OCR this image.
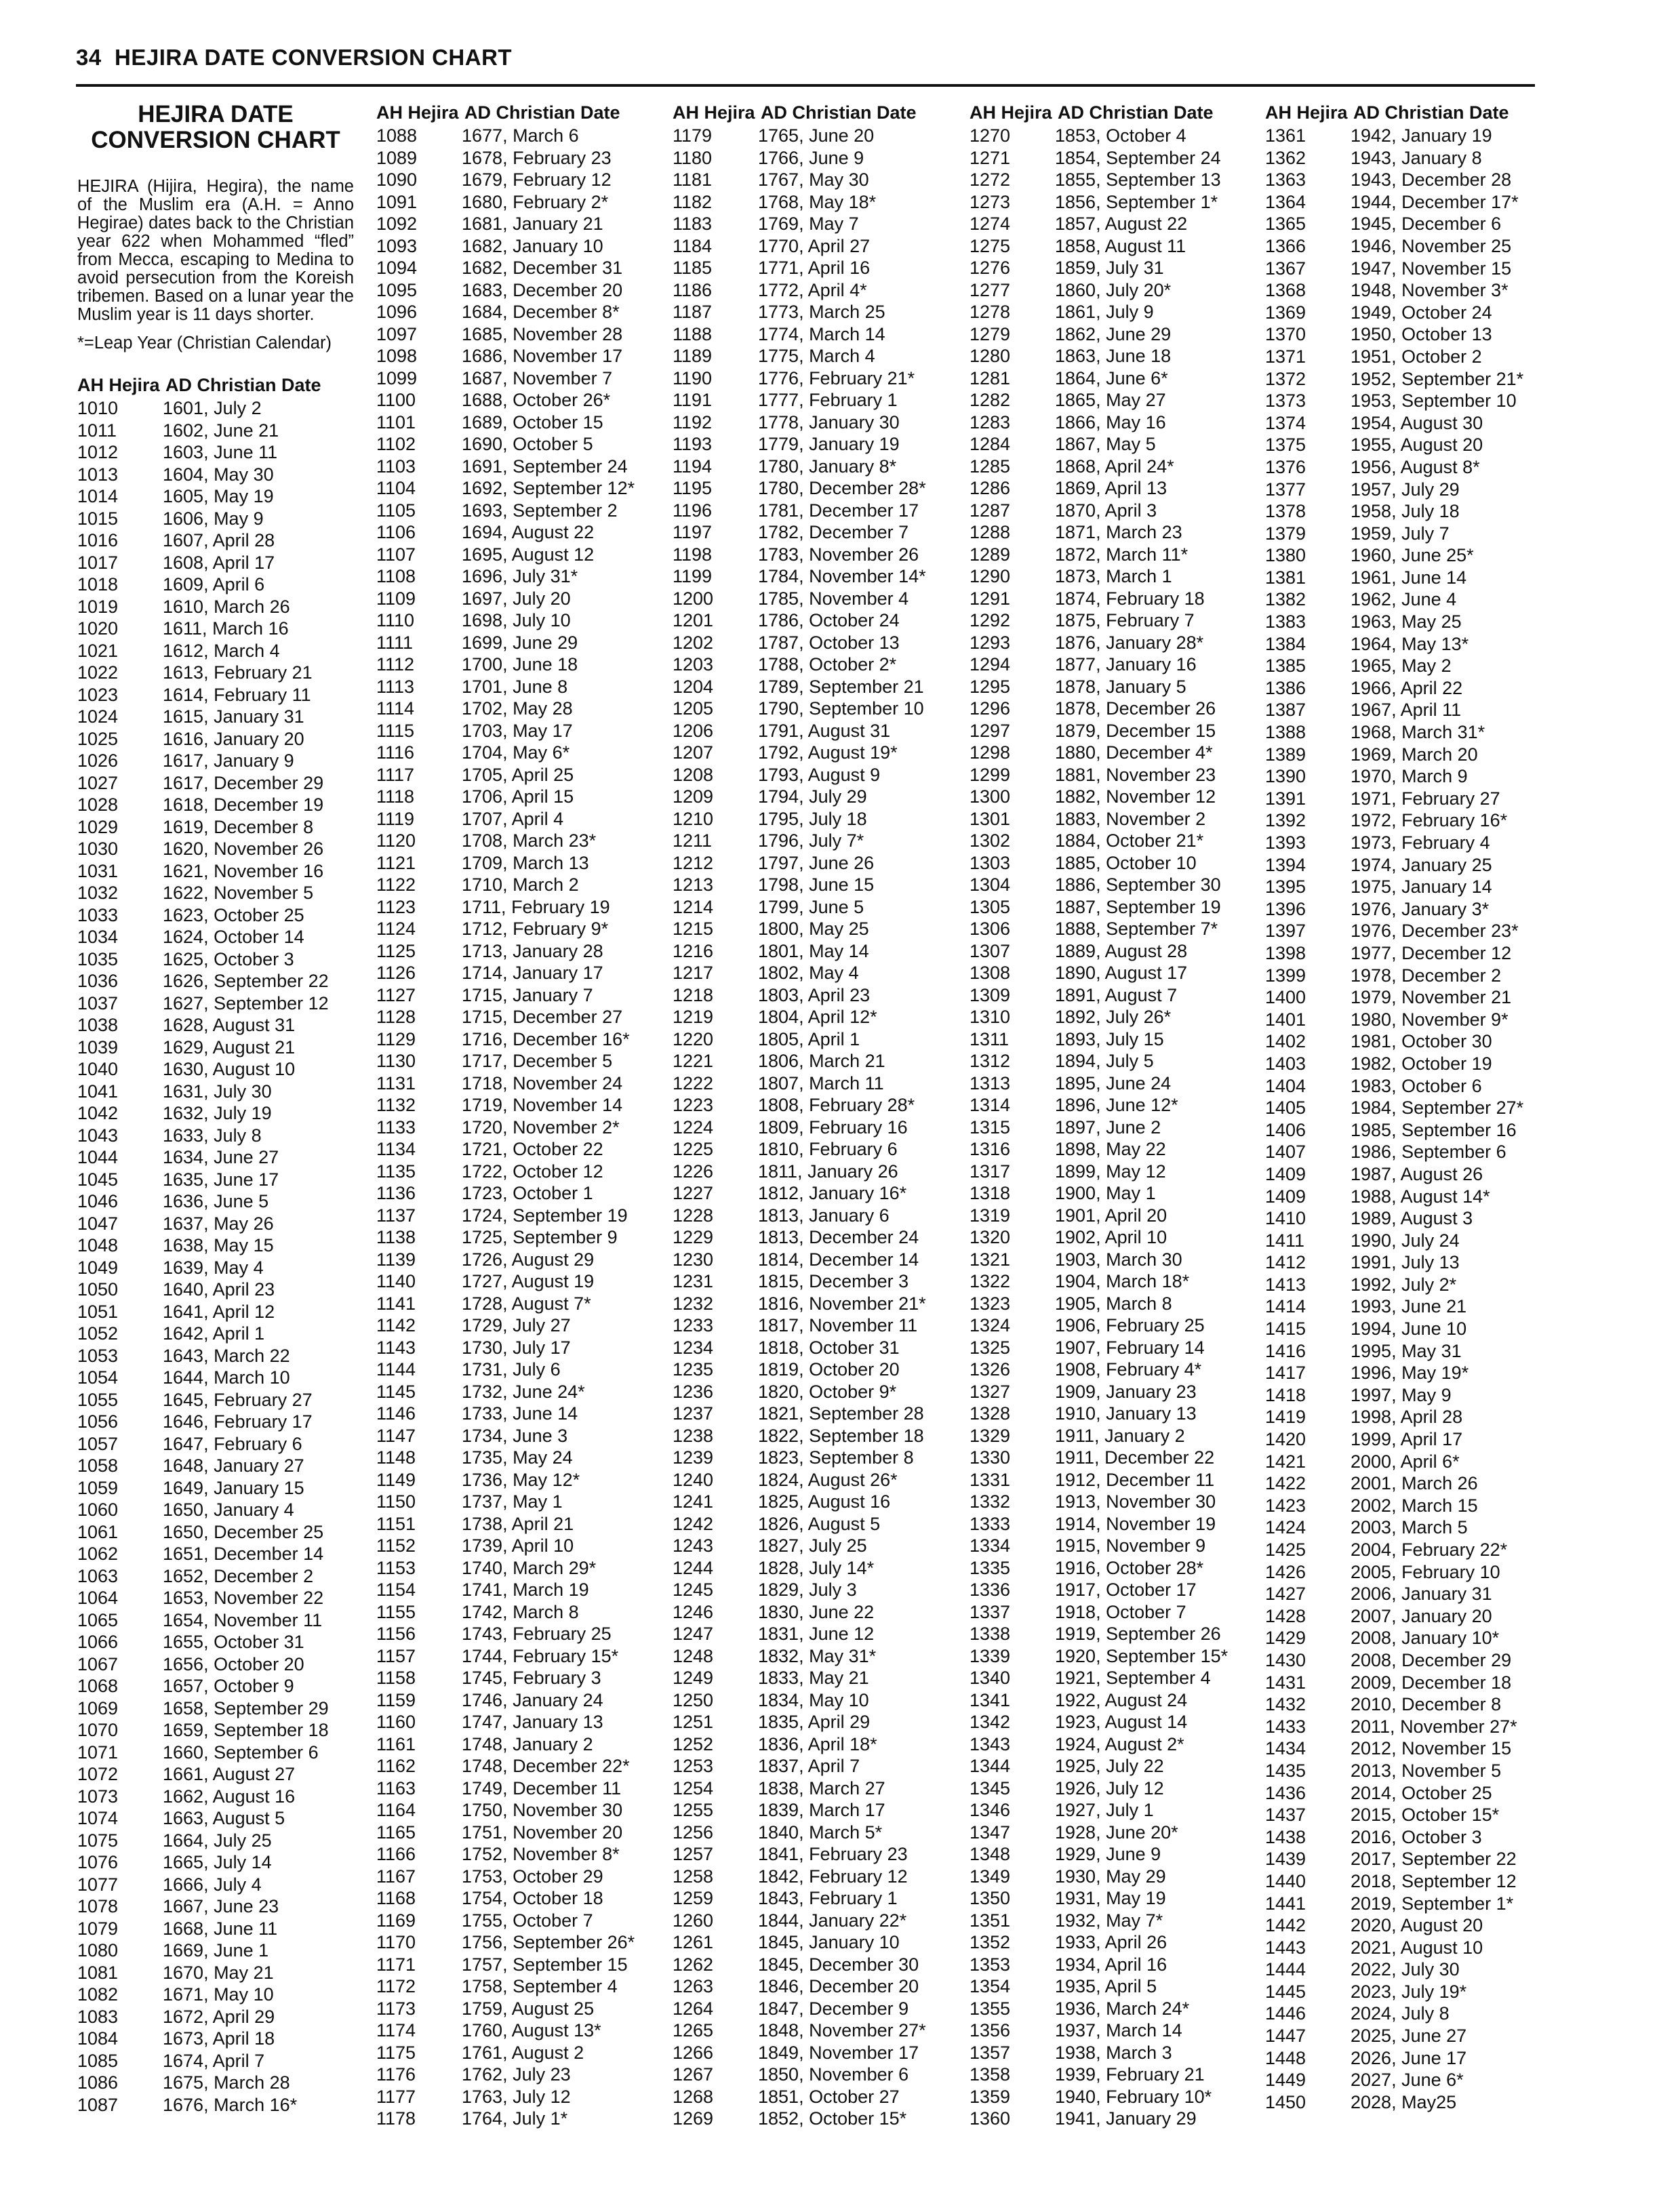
34  HEJIRA DATE CONVERSION CHART
HEJIRA DATE CONVERSION CHART
HEJIRA (Hijira, Hegira), the name of the Muslim era (A.H. = Anno Hegirae) dates back to the Christian year 622 when Mohammed “fled” from Mecca, escaping to Medina to avoid persecution from the Koreish tribemen. Based on a lunar year the Muslim year is 11 days shorter.
*=Leap Year (Christian Calendar)
AH Hejira AD Christian Date
1010 1601, July 2
1011	1602, June 21
1012 1603, June 11
1013 1604, May 30
1014 1605, May 19
1015 1606, May 9
1016 1607, April 28
1017 1608, April 17
1018 1609, April 6
1019 1610, March 26
1020 1611, March 16
1021 1612, March 4
1022 1613, February 21
1023 1614, February 11
1024 1615, January 31
1025 1616, January 20
1026 1617, January 9
1027 1617, December 29
1028 1618, December 19
1029 1619, December 8
1030 1620, November 26
1031 1621, November 16
1032 1622, November 5
1033 1623, October 25
1034 1624, October 14
1035 1625, October 3
1036 1626, September 22
1037 1627, September 12
1038 1628, August 31
1039 1629, August 21
1040 1630, August 10
1041 1631, July 30
1042 1632, July 19
1043 1633, July 8
1044 1634, June 27
1045 1635, June 17
1046 1636, June 5
1047 1637, May 26
1048 1638, May 15
1049 1639, May 4
1050 1640, April 23
1051 1641, April 12
1052 1642, April 1
1053 1643, March 22
1054 1644, March 10
1055 1645, February 27
1056 1646, February 17
1057 1647, February 6
1058 1648, January 27
1059 1649, January 15
1060 1650, January 4
1061 1650, December 25
1062 1651, December 14
1063 1652, December 2
1064 1653, November 22
1065 1654, November 11
1066 1655, October 31
1067 1656, October 20
1068 1657, October 9
1069 1658, September 29
1070 1659, September 18
1071 1660, September 6
1072 1661, August 27
1073 1662, August 16
1074 1663, August 5
1075 1664, July 25
1076 1665, July 14
1077 1666, July 4
1078 1667, June 23
1079 1668, June 11
1080 1669, June 1
1081 1670, May 21
1082 1671, May 10
1083 1672, April 29
1084 1673, April 18
1085 1674, April 7
1086 1675, March 28
1087 1676, March 16*
AH Hejira AD Christian Date
1088 1677, March 6
1089 1678, February 23
1090 1679, February 12
1091 1680, February 2*
1092 1681, January 21
1093 1682, January 10
1094 1682, December 31
1095 1683, December 20
1096 1684, December 8*
1097 1685, November 28
1098 1686, November 17
1099 1687, November 7
1100	1688, October 26*
1101	1689, October 15
1102	1690, October 5
1103	1691, September 24
1104	1692, September 12*
1105	1693, September 2
1106	1694, August 22
1107	1695, August 12
1108	1696, July 31*
1109	1697, July 20
1110	1698, July 10
1111	1699, June 29
1112	1700, June 18
1113	1701, June 8
1114	1702, May 28
1115	1703, May 17
1116	1704, May 6*
1117	1705, April 25
1118	1706, April 15
1119	1707, April 4
1120	1708, March 23*
1121	1709, March 13
1122	1710, March 2
1123	1711, February 19
1124	1712, February 9*
1125	1713, January 28
1126	1714, January 17
1127	1715, January 7
1128	1715, December 27
1129	1716, December 16*
1130	1717, December 5
1131	1718, November 24
1132	1719, November 14
1133	1720, November 2*
1134	1721, October 22
1135	1722, October 12
1136	1723, October 1
1137	1724, September 19
1138	1725, September 9
1139	1726, August 29
1140	1727, August 19
1141	1728, August 7*
1142	1729, July 27
1143	1730, July 17
1144	1731, July 6
1145	1732, June 24*
1146	1733, June 14
1147	1734, June 3
1148	1735, May 24
1149	1736, May 12*
1150	1737, May 1
1151	1738, April 21
1152	1739, April 10
1153	1740, March 29*
1154	1741, March 19
1155	1742, March 8
1156	1743, February 25
1157	1744, February 15*
1158	1745, February 3
1159	1746, January 24
1160	1747, January 13
1161	1748, January 2
1162	1748, December 22*
1163	1749, December 11
1164	1750, November 30
1165	1751, November 20
1166	1752, November 8*
1167	1753, October 29
1168	1754, October 18
1169	1755, October 7
1170	1756, September 26*
1171	1757, September 15
1172	1758, September 4
1173	1759, August 25
1174	1760, August 13*
1175	1761, August 2
1176	1762, July 23
1177	1763, July 12
1178	1764, July 1*
AH Hejira AD Christian Date
1179	1765, June 20
1180	1766, June 9
1181	1767, May 30
1182	1768, May 18*
1183	1769, May 7
1184	1770, April 27
1185	1771, April 16
1186	1772, April 4*
1187	1773, March 25
1188	1774, March 14
1189	1775, March 4
1190	1776, February 21*
1191	1777, February 1
1192	1778, January 30
1193	1779, January 19
1194	1780, January 8*
1195	1780, December 28*
1196	1781, December 17
1197	1782, December 7
1198	1783, November 26
1199	1784, November 14*
1200 1785, November 4
1201 1786, October 24
1202 1787, October 13
1203 1788, October 2*
1204 1789, September 21
1205 1790, September 10
1206 1791, August 31
1207 1792, August 19*
1208 1793, August 9
1209 1794, July 29
1210 1795, July 18
1211	1796, July 7*
1212 1797, June 26
1213 1798, June 15
1214 1799, June 5
1215 1800, May 25
1216 1801, May 14
1217 1802, May 4
1218 1803, April 23
1219 1804, April 12*
1220 1805, April 1
1221 1806, March 21
1222 1807, March 11
1223 1808, February 28*
1224 1809, February 16
1225 1810, February 6
1226 1811, January 26
1227 1812, January 16*
1228 1813, January 6
1229 1813, December 24
1230 1814, December 14
1231 1815, December 3
1232 1816, November 21*
1233 1817, November 11
1234 1818, October 31
1235 1819, October 20
1236 1820, October 9*
1237 1821, September 28
1238 1822, September 18
1239 1823, September 8
1240 1824, August 26*
1241 1825, August 16
1242 1826, August 5
1243 1827, July 25
1244 1828, July 14*
1245 1829, July 3
1246 1830, June 22
1247 1831, June 12
1248 1832, May 31*
1249 1833, May 21
1250 1834, May 10
1251 1835, April 29
1252 1836, April 18*
1253 1837, April 7
1254 1838, March 27
1255 1839, March 17
1256 1840, March 5*
1257 1841, February 23
1258 1842, February 12
1259 1843, February 1
1260 1844, January 22*
1261 1845, January 10
1262 1845, December 30
1263 1846, December 20
1264 1847, December 9
1265 1848, November 27*
1266 1849, November 17
1267 1850, November 6
1268 1851, October 27
1269 1852, October 15*
AH Hejira AD Christian Date
1270 1853, October 4
1271 1854, September 24
1272 1855, September 13
1273 1856, September 1*
1274 1857, August 22
1275 1858, August 11
1276 1859, July 31
1277 1860, July 20*
1278 1861, July 9
1279 1862, June 29
1280 1863, June 18
1281 1864, June 6*
1282 1865, May 27
1283 1866, May 16
1284 1867, May 5
1285 1868, April 24*
1286 1869, April 13
1287 1870, April 3
1288 1871, March 23
1289 1872, March 11*
1290 1873, March 1
1291 1874, February 18
1292 1875, February 7
1293 1876, January 28*
1294 1877, January 16
1295 1878, January 5
1296 1878, December 26
1297 1879, December 15
1298 1880, December 4*
1299 1881, November 23
1300 1882, November 12
1301 1883, November 2
1302 1884, October 21*
1303 1885, October 10
1304 1886, September 30
1305 1887, September 19
1306 1888, September 7*
1307 1889, August 28
1308 1890, August 17
1309 1891, August 7
1310 1892, July 26*
1311	1893, July 15
1312 1894, July 5
1313 1895, June 24
1314 1896, June 12*
1315 1897, June 2
1316 1898, May 22
1317 1899, May 12
1318 1900, May 1
1319 1901, April 20
1320 1902, April 10
1321 1903, March 30
1322 1904, March 18*
1323 1905, March 8
1324 1906, February 25
1325 1907, February 14
1326 1908, February 4*
1327 1909, January 23
1328 1910, January 13
1329 1911, January 2
1330 1911, December 22
1331 1912, December 11
1332 1913, November 30
1333 1914, November 19
1334 1915, November 9
1335 1916, October 28*
1336 1917, October 17
1337 1918, October 7
1338 1919, September 26
1339 1920, September 15*
1340 1921, September 4
1341 1922, August 24
1342 1923, August 14
1343 1924, August 2*
1344 1925, July 22
1345 1926, July 12
1346 1927, July 1
1347 1928, June 20*
1348 1929, June 9
1349 1930, May 29
1350 1931, May 19
1351 1932, May 7*
1352 1933, April 26
1353 1934, April 16
1354 1935, April 5
1355 1936, March 24*
1356 1937, March 14
1357 1938, March 3
1358 1939, February 21
1359 1940, February 10*
1360 1941, January 29
AH Hejira AD Christian Date
1361 1942, January 19
1362 1943, January 8
1363 1943, December 28
1364 1944, December 17*
1365 1945, December 6
1366 1946, November 25
1367 1947, November 15
1368 1948, November 3*
1369 1949, October 24
1370 1950, October 13
1371 1951, October 2
1372 1952, September 21*
1373 1953, September 10
1374 1954, August 30
1375 1955, August 20
1376 1956, August 8*
1377 1957, July 29
1378 1958, July 18
1379 1959, July 7
1380 1960, June 25*
1381 1961, June 14
1382 1962, June 4
1383 1963, May 25
1384 1964, May 13*
1385 1965, May 2
1386 1966, April 22
1387 1967, April 11
1388 1968, March 31*
1389 1969, March 20
1390 1970, March 9
1391 1971, February 27
1392 1972, February 16*
1393 1973, February 4
1394 1974, January 25
1395 1975, January 14
1396 1976, January 3*
1397 1976, December 23*
1398 1977, December 12
1399 1978, December 2
1400 1979, November 21
1401 1980, November 9*
1402 1981, October 30
1403 1982, October 19
1404 1983, October 6
1405 1984, September 27*
1406 1985, September 16
1407 1986, September 6
1409 1987, August 26
1409 1988, August 14*
1410 1989, August 3
1411	1990, July 24
1412 1991, July 13
1413 1992, July 2*
1414 1993, June 21
1415 1994, June 10
1416 1995, May 31
1417 1996, May 19*
1418 1997, May 9
1419 1998, April 28
1420 1999, April 17
1421 2000, April 6*
1422 2001, March 26
1423 2002, March 15
1424 2003, March 5
1425 2004, February 22*
1426 2005, February 10
1427 2006, January 31
1428 2007, January 20
1429 2008, January 10*
1430 2008, December 29
1431 2009, December 18
1432 2010, December 8
1433 2011, November 27*
1434 2012, November 15
1435 2013, November 5
1436 2014, October 25
1437 2015, October 15*
1438 2016, October 3
1439 2017, September 22
1440 2018, September 12
1441 2019, September 1*
1442 2020, August 20
1443 2021, August 10
1444 2022, July 30
1445 2023, July 19*
1446 2024, July 8
1447 2025, June 27
1448 2026, June 17
1449 2027, June 6*
1450 2028, May25
